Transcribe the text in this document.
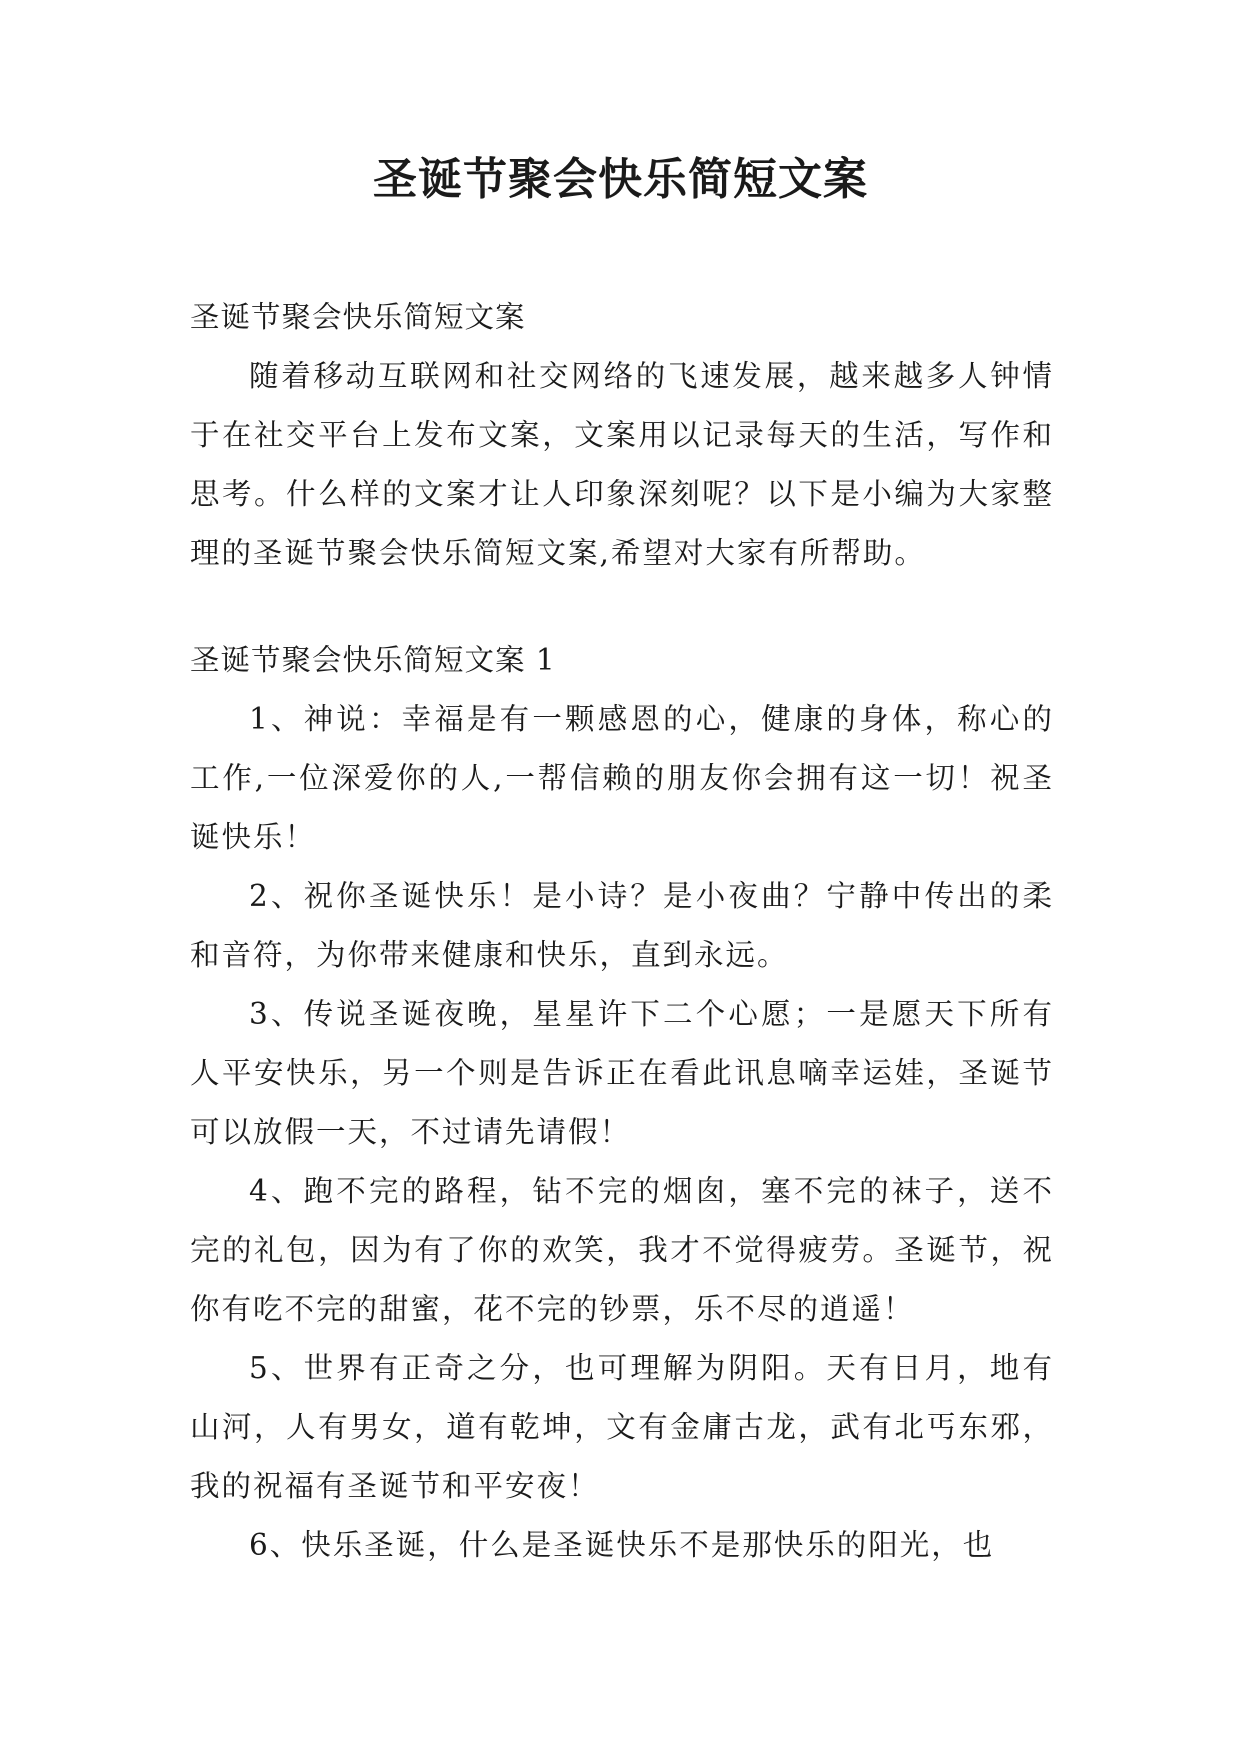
圣诞节聚会快乐简短文案

圣诞节聚会快乐简短文案

随着移动互联网和社交网络的飞速发展，越来越多人钟情于在社交平台上发布文案，文案用以记录每天的生活，写作和思考。什么样的文案才让人印象深刻呢？以下是小编为大家整理的圣诞节聚会快乐简短文案,希望对大家有所帮助。

圣诞节聚会快乐简短文案 1

1、神说：幸福是有一颗感恩的心，健康的身体，称心的工作,一位深爱你的人,一帮信赖的朋友你会拥有这一切！祝圣诞快乐！

2、祝你圣诞快乐！是小诗？是小夜曲？宁静中传出的柔和音符，为你带来健康和快乐，直到永远。

3、传说圣诞夜晚，星星许下二个心愿；一是愿天下所有人平安快乐，另一个则是告诉正在看此讯息嘀幸运娃，圣诞节可以放假一天，不过请先请假！

4、跑不完的路程，钻不完的烟囱，塞不完的袜子，送不完的礼包，因为有了你的欢笑，我才不觉得疲劳。圣诞节，祝你有吃不完的甜蜜，花不完的钞票，乐不尽的逍遥！

5、世界有正奇之分，也可理解为阴阳。天有日月，地有山河，人有男女，道有乾坤，文有金庸古龙，武有北丐东邪，我的祝福有圣诞节和平安夜！

6、快乐圣诞，什么是圣诞快乐不是那快乐的阳光，也
